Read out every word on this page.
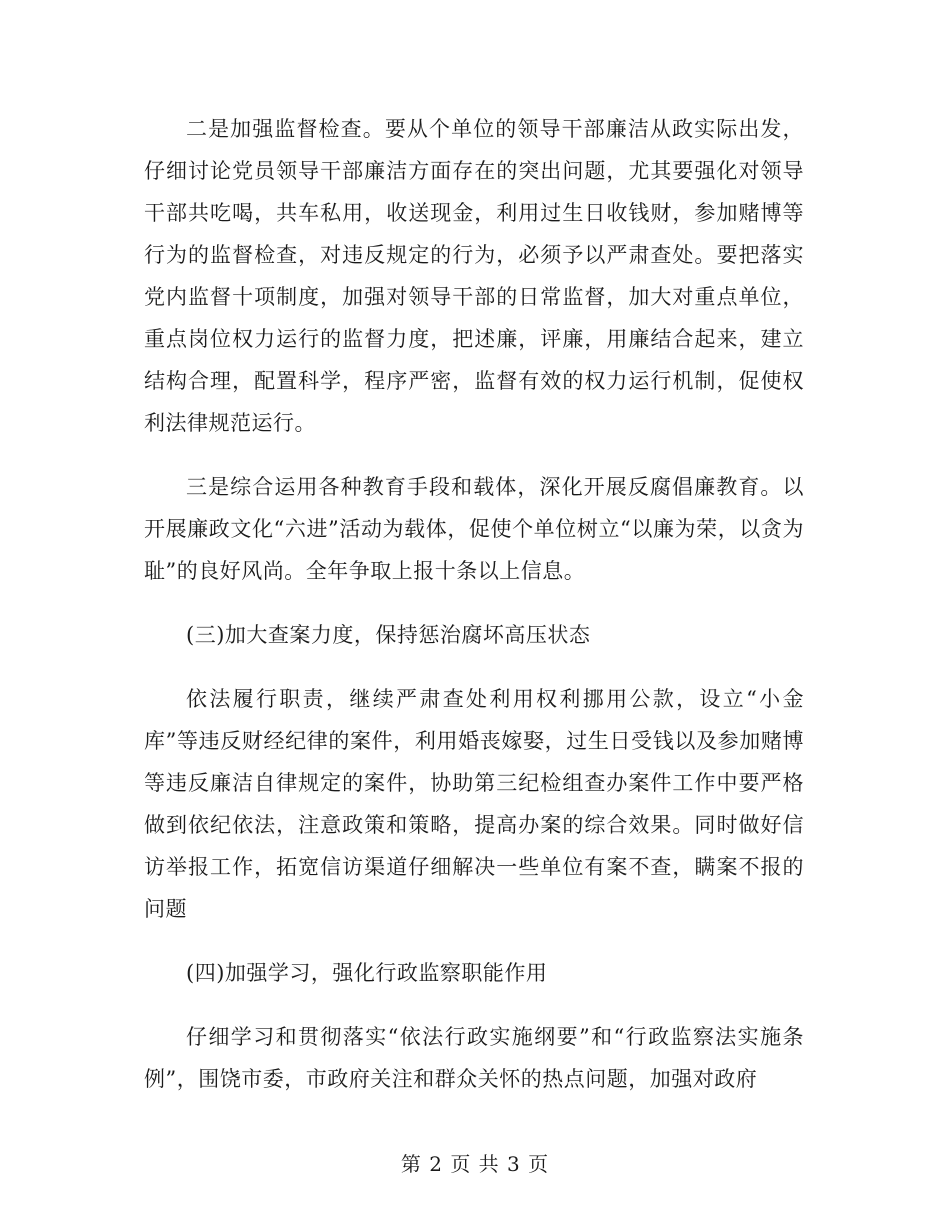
二是加强监督检查。要从个单位的领导干部廉洁从政实际出发，仔细讨论党员领导干部廉洁方面存在的突出问题，尤其要强化对领导干部共吃喝，共车私用，收送现金，利用过生日收钱财，参加赌博等行为的监督检查，对违反规定的行为，必须予以严肃查处。要把落实党内监督十项制度，加强对领导干部的日常监督，加大对重点单位，重点岗位权力运行的监督力度，把述廉，评廉，用廉结合起来，建立结构合理，配置科学，程序严密，监督有效的权力运行机制，促使权利法律规范运行。

三是综合运用各种教育手段和载体，深化开展反腐倡廉教育。以开展廉政文化“六进”活动为载体，促使个单位树立“以廉为荣，以贪为耻”的良好风尚。全年争取上报十条以上信息。

(三)加大查案力度，保持惩治腐坏高压状态

依法履行职责，继续严肃查处利用权利挪用公款，设立“小金库”等违反财经纪律的案件，利用婚丧嫁娶，过生日受钱以及参加赌博等违反廉洁自律规定的案件，协助第三纪检组查办案件工作中要严格做到依纪依法，注意政策和策略，提高办案的综合效果。同时做好信访举报工作，拓宽信访渠道仔细解决一些单位有案不查，瞒案不报的问题

(四)加强学习，强化行政监察职能作用

仔细学习和贯彻落实“依法行政实施纲要”和“行政监察法实施条例”，围饶市委，市政府关注和群众关怀的热点问题，加强对政府

第 2 页 共 3 页
